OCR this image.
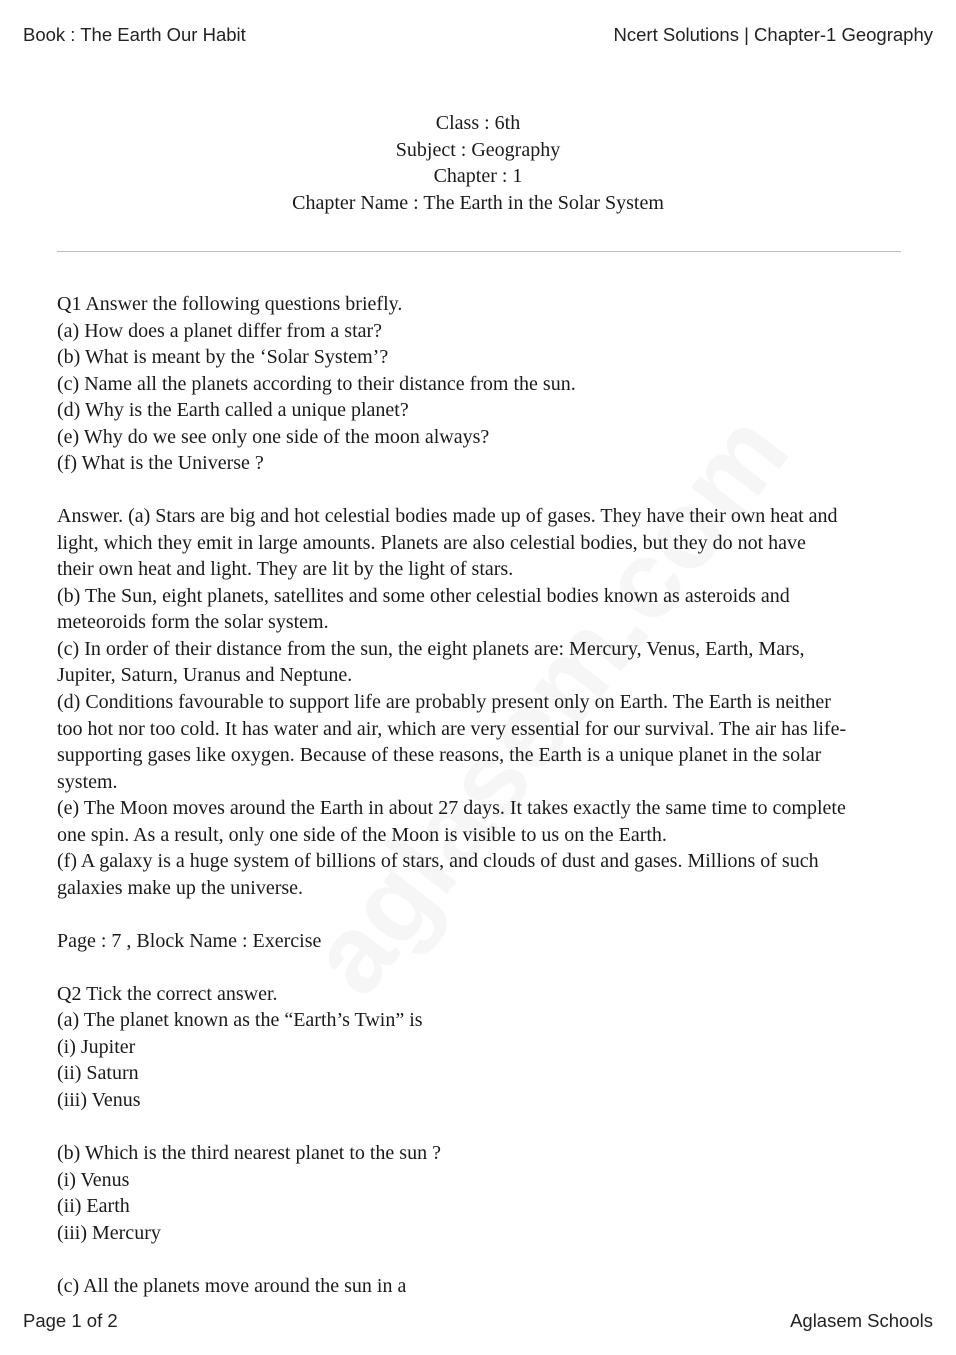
Book : The Earth Our Habit	Ncert Solutions | Chapter-1 Geography
Class : 6th
Subject : Geography
Chapter : 1
Chapter Name : The Earth in the Solar System
Q1 Answer the following questions briefly.
(a) How does a planet differ from a star?
(b) What is meant by the ‘Solar System’?
(c) Name all the planets according to their distance from the sun.
(d) Why is the Earth called a unique planet?
(e) Why do we see only one side of the moon always?
(f) What is the Universe ?
Answer. (a) Stars are big and hot celestial bodies made up of gases. They have their own heat and
light, which they emit in large amounts. Planets are also celestial bodies, but they do not have
their own heat and light. They are lit by the light of stars.
(b) The Sun, eight planets, satellites and some other celestial bodies known as asteroids and
meteoroids form the solar system.
(c) In order of their distance from the sun, the eight planets are: Mercury, Venus, Earth, Mars,
Jupiter, Saturn, Uranus and Neptune.
(d) Conditions favourable to support life are probably present only on Earth. The Earth is neither
too hot nor too cold. It has water and air, which are very essential for our survival. The air has life-
supporting gases like oxygen. Because of these reasons, the Earth is a unique planet in the solar
system.
(e) The Moon moves around the Earth in about 27 days. It takes exactly the same time to complete
one spin. As a result, only one side of the Moon is visible to us on the Earth.
(f) A galaxy is a huge system of billions of stars, and clouds of dust and gases. Millions of such
galaxies make up the universe.
Page : 7 , Block Name : Exercise
Q2 Tick the correct answer.
(a) The planet known as the “Earth’s Twin” is
(i) Jupiter
(ii) Saturn
(iii) Venus
(b) Which is the third nearest planet to the sun ?
(i) Venus
(ii) Earth
(iii) Mercury
(c) All the planets move around the sun in a
Page 1 of 2	Aglasem Schools
